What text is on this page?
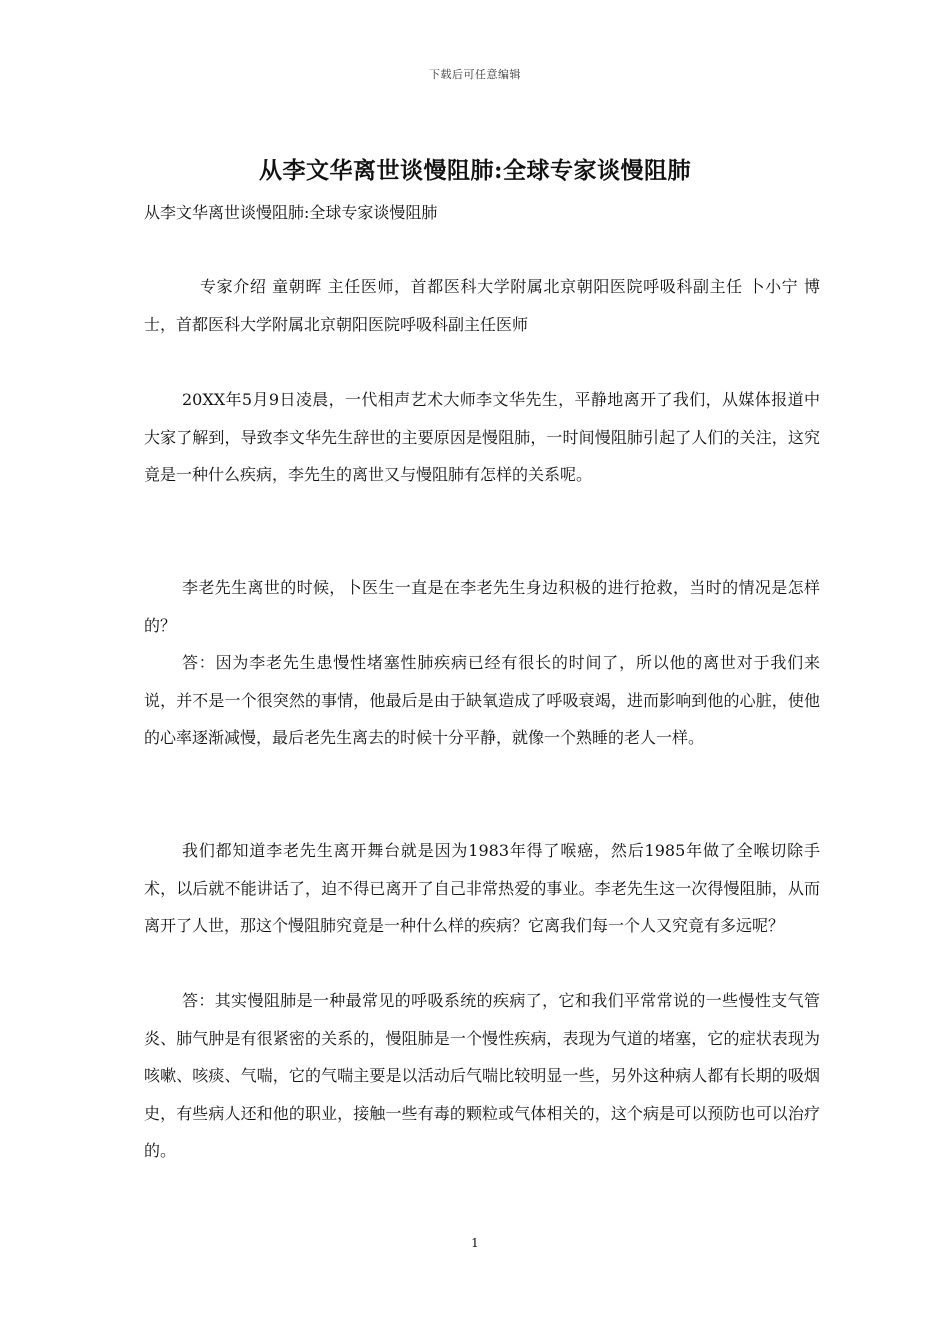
下载后可任意编辑
从李文华离世谈慢阻肺:全球专家谈慢阻肺
从李文华离世谈慢阻肺:全球专家谈慢阻肺

专家介绍 童朝晖 主任医师，首都医科大学附属北京朝阳医院呼吸科副主任 卜小宁 博士，首都医科大学附属北京朝阳医院呼吸科副主任医师

20XX年5月9日凌晨，一代相声艺术大师李文华先生，平静地离开了我们，从媒体报道中大家了解到，导致李文华先生辞世的主要原因是慢阻肺，一时间慢阻肺引起了人们的关注，这究竟是一种什么疾病，李先生的离世又与慢阻肺有怎样的关系呢。

李老先生离世的时候，卜医生一直是在李老先生身边积极的进行抢救，当时的情况是怎样的？

答：因为李老先生患慢性堵塞性肺疾病已经有很长的时间了，所以他的离世对于我们来说，并不是一个很突然的事情，他最后是由于缺氧造成了呼吸衰竭，进而影响到他的心脏，使他的心率逐渐减慢，最后老先生离去的时候十分平静，就像一个熟睡的老人一样。

我们都知道李老先生离开舞台就是因为1983年得了喉癌，然后1985年做了全喉切除手术，以后就不能讲话了，迫不得已离开了自己非常热爱的事业。李老先生这一次得慢阻肺，从而离开了人世，那这个慢阻肺究竟是一种什么样的疾病？它离我们每一个人又究竟有多远呢？

答：其实慢阻肺是一种最常见的呼吸系统的疾病了，它和我们平常常说的一些慢性支气管炎、肺气肿是有很紧密的关系的，慢阻肺是一个慢性疾病，表现为气道的堵塞，它的症状表现为咳嗽、咳痰、气喘，它的气喘主要是以活动后气喘比较明显一些，另外这种病人都有长期的吸烟史，有些病人还和他的职业，接触一些有毒的颗粒或气体相关的，这个病是可以预防也可以治疗的。

1
